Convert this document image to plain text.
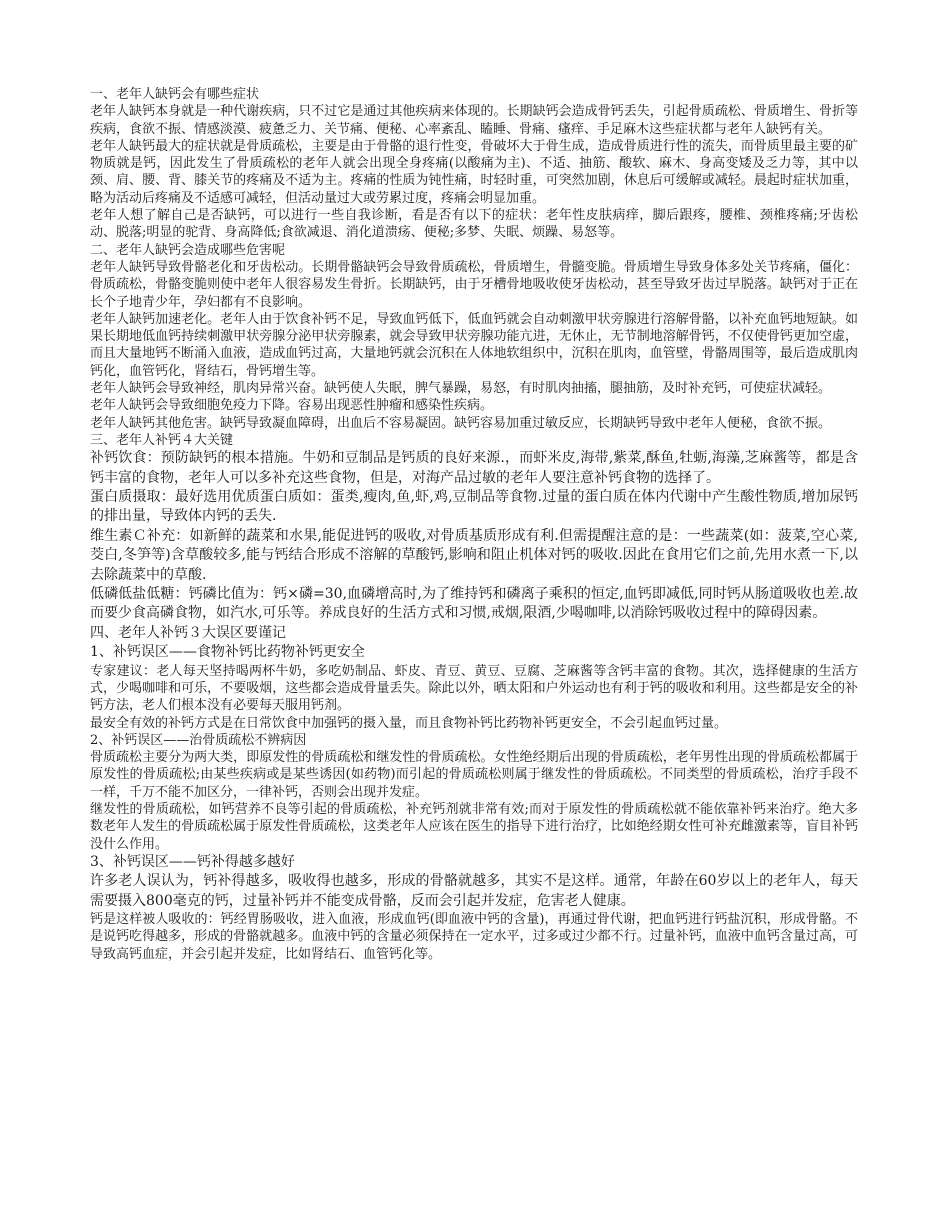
一、老年人缺钙会有哪些症状
老年人缺钙本身就是一种代谢疾病，只不过它是通过其他疾病来体现的。长期缺钙会造成骨钙丢失，引起骨质疏松、骨质增生、骨折等疾病，食欲不振、情感淡漠、疲惫乏力、关节痛、便秘、心率紊乱、瞌睡、骨痛、瘙痒、手足麻木这些症状都与老年人缺钙有关。
老年人缺钙最大的症状就是骨质疏松，主要是由于骨骼的退行性变，骨破坏大于骨生成，造成骨质进行性的流失，而骨质里最主要的矿物质就是钙，因此发生了骨质疏松的老年人就会出现全身疼痛(以酸痛为主)、不适、抽筋、酸软、麻木、身高变矮及乏力等，其中以颈、肩、腰、背、膝关节的疼痛及不适为主。疼痛的性质为钝性痛，时轻时重，可突然加剧，休息后可缓解或减轻。晨起时症状加重，略为活动后疼痛及不适感可减轻，但活动量过大或劳累过度，疼痛会明显加重。
老年人想了解自己是否缺钙，可以进行一些自我诊断，看是否有以下的症状：老年性皮肤病痒，脚后跟疼，腰椎、颈椎疼痛;牙齿松动、脱落;明显的驼背、身高降低;食欲减退、消化道溃疡、便秘;多梦、失眠、烦躁、易怒等。
二、老年人缺钙会造成哪些危害呢
老年人缺钙导致骨骼老化和牙齿松动。长期骨骼缺钙会导致骨质疏松，骨质增生，骨髓变脆。骨质增生导致身体多处关节疼痛，僵化：骨质疏松，骨骼变脆则使中老年人很容易发生骨折。长期缺钙，由于牙槽骨地吸收使牙齿松动，甚至导致牙齿过早脱落。缺钙对于正在长个子地青少年，孕妇都有不良影响。
老年人缺钙加速老化。老年人由于饮食补钙不足，导致血钙低下，低血钙就会自动刺激甲状旁腺进行溶解骨骼，以补充血钙地短缺。如果长期地低血钙持续刺激甲状旁腺分泌甲状旁腺素，就会导致甲状旁腺功能亢进，无休止，无节制地溶解骨钙，不仅使骨钙更加空虚，而且大量地钙不断涌入血液，造成血钙过高，大量地钙就会沉积在人体地软组织中，沉积在肌肉，血管壁，骨骼周围等，最后造成肌肉钙化，血管钙化，肾结石，骨钙增生等。
老年人缺钙会导致神经，肌肉异常兴奋。缺钙使人失眠，脾气暴躁，易怒，有时肌肉抽搐，腿抽筋，及时补充钙，可使症状减轻。
老年人缺钙会导致细胞免疫力下降。容易出现恶性肿瘤和感染性疾病。
老年人缺钙其他危害。缺钙导致凝血障碍，出血后不容易凝固。缺钙容易加重过敏反应，长期缺钙导致中老年人便秘，食欲不振。
三、老年人补钙４大关键
补钙饮食：预防缺钙的根本措施。牛奶和豆制品是钙质的良好来源.，而虾米皮,海带,紫菜,酥鱼,牡蛎,海藻,芝麻酱等，都是含钙丰富的食物，老年人可以多补充这些食物，但是，对海产品过敏的老年人要注意补钙食物的选择了。
蛋白质摄取：最好选用优质蛋白质如：蛋类,瘦肉,鱼,虾,鸡,豆制品等食物.过量的蛋白质在体内代谢中产生酸性物质,增加尿钙的排出量，导致体内钙的丢失.
维生素Ｃ补充：如新鲜的蔬菜和水果,能促进钙的吸收,对骨质基质形成有利.但需提醒注意的是：一些蔬菜(如：菠菜,空心菜,茭白,冬笋等)含草酸较多,能与钙结合形成不溶解的草酸钙,影响和阻止机体对钙的吸收.因此在食用它们之前,先用水煮一下,以去除蔬菜中的草酸.
低磷低盐低糖：钙磷比值为：钙×磷=30,血磷增高时,为了维持钙和磷离子乘积的恒定,血钙即减低,同时钙从肠道吸收也差.故而要少食高磷食物，如汽水,可乐等。养成良好的生活方式和习惯,戒烟,限酒,少喝咖啡,以消除钙吸收过程中的障碍因素。
四、老年人补钙３大误区要谨记
1、补钙误区——食物补钙比药物补钙更安全
专家建议：老人每天坚持喝两杯牛奶，多吃奶制品、虾皮、青豆、黄豆、豆腐、芝麻酱等含钙丰富的食物。其次，选择健康的生活方式，少喝咖啡和可乐，不要吸烟，这些都会造成骨量丢失。除此以外，晒太阳和户外运动也有利于钙的吸收和利用。这些都是安全的补钙方法，老人们根本没有必要每天服用钙剂。
最安全有效的补钙方式是在日常饮食中加强钙的摄入量，而且食物补钙比药物补钙更安全，不会引起血钙过量。
2、补钙误区——治骨质疏松不辨病因
骨质疏松主要分为两大类，即原发性的骨质疏松和继发性的骨质疏松。女性绝经期后出现的骨质疏松，老年男性出现的骨质疏松都属于原发性的骨质疏松;由某些疾病或是某些诱因(如药物)而引起的骨质疏松则属于继发性的骨质疏松。不同类型的骨质疏松，治疗手段不一样，千万不能不加区分，一律补钙，否则会出现并发症。
继发性的骨质疏松，如钙营养不良等引起的骨质疏松，补充钙剂就非常有效;而对于原发性的骨质疏松就不能依靠补钙来治疗。绝大多数老年人发生的骨质疏松属于原发性骨质疏松，这类老年人应该在医生的指导下进行治疗，比如绝经期女性可补充雌激素等，盲目补钙没什么作用。
3、补钙误区——钙补得越多越好
许多老人误认为，钙补得越多，吸收得也越多，形成的骨骼就越多，其实不是这样。通常，年龄在60岁以上的老年人，每天需要摄入800毫克的钙，过量补钙并不能变成骨骼，反而会引起并发症，危害老人健康。
钙是这样被人吸收的：钙经胃肠吸收，进入血液，形成血钙(即血液中钙的含量)，再通过骨代谢，把血钙进行钙盐沉积，形成骨骼。不是说钙吃得越多，形成的骨骼就越多。血液中钙的含量必须保持在一定水平，过多或过少都不行。过量补钙，血液中血钙含量过高，可导致高钙血症，并会引起并发症，比如肾结石、血管钙化等。
